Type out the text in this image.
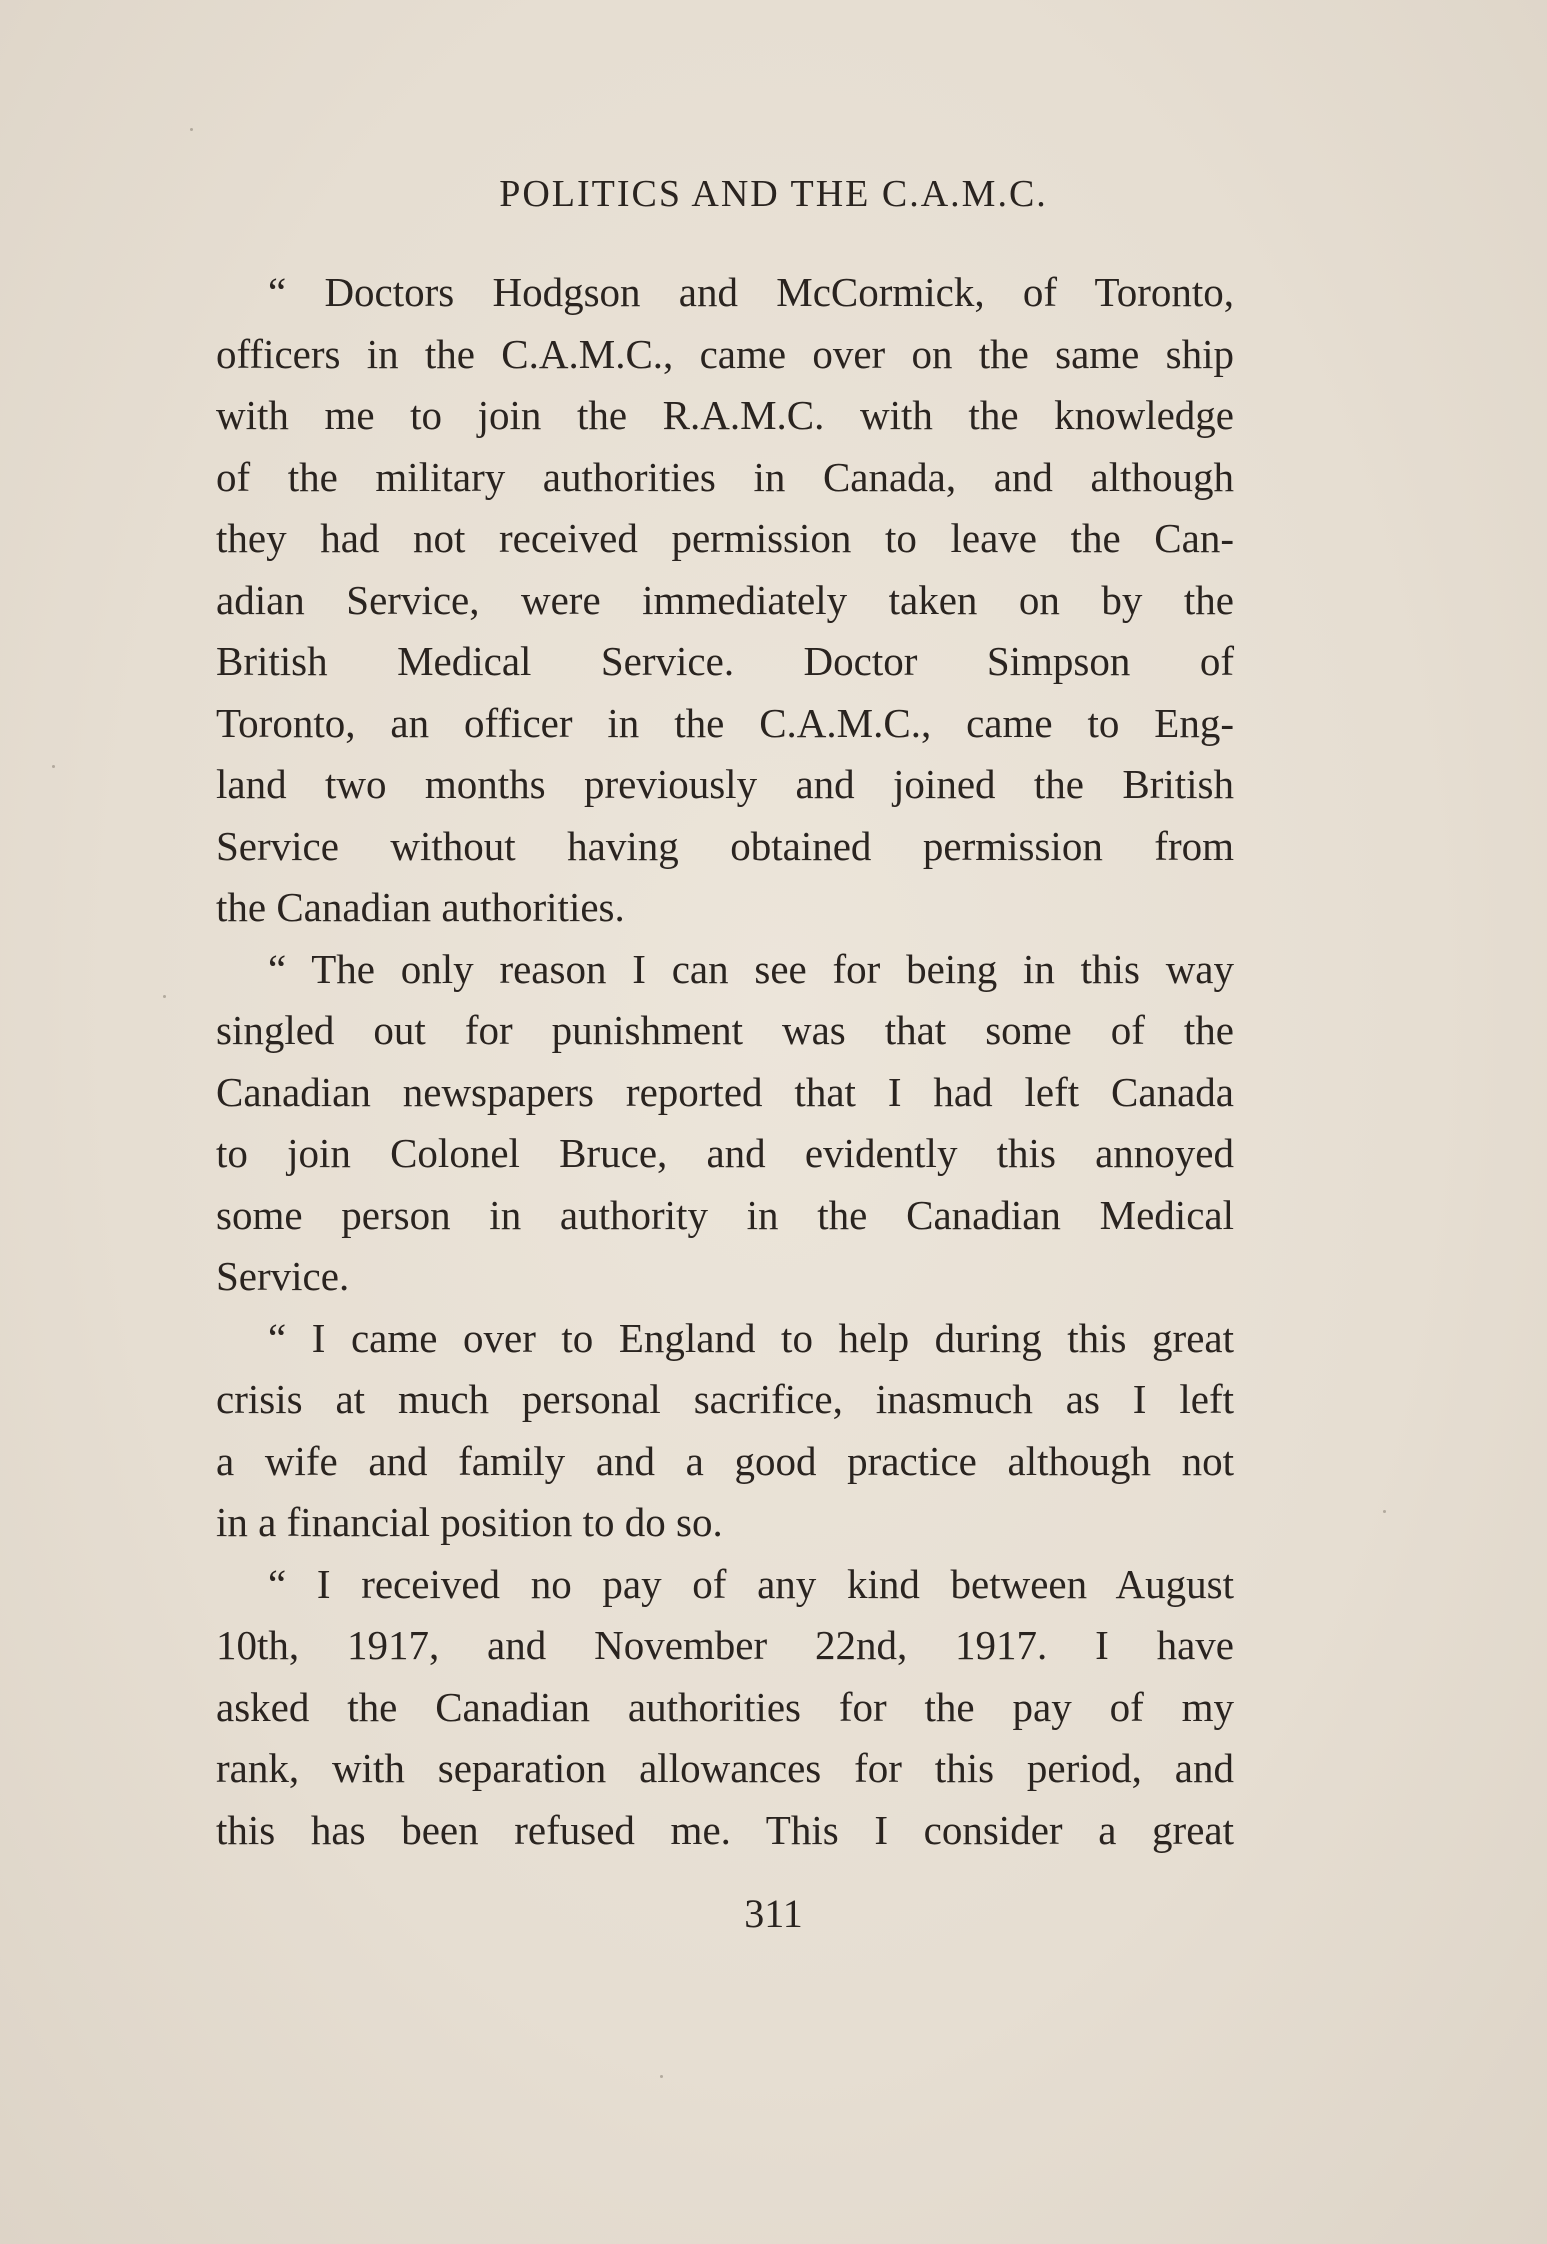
POLITICS AND THE C.A.M.C.

“ Doctors Hodgson and McCormick, of Toronto,
officers in the C.A.M.C., came over on the same ship
with me to join the R.A.M.C. with the knowledge
of the military authorities in Canada, and although
they had not received permission to leave the Can-
adian Service, were immediately taken on by the
British Medical Service. Doctor Simpson of
Toronto, an officer in the C.A.M.C., came to Eng-
land two months previously and joined the British
Service without having obtained permission from
the Canadian authorities.

“ The only reason I can see for being in this way
singled out for punishment was that some of the
Canadian newspapers reported that I had left Canada
to join Colonel Bruce, and evidently this annoyed
some person in authority in the Canadian Medical
Service.

“ I came over to England to help during this great
crisis at much personal sacrifice, inasmuch as I left
a wife and family and a good practice although not
in a financial position to do so.

“ I received no pay of any kind between August
10th, 1917, and November 22nd, 1917. I have
asked the Canadian authorities for the pay of my
rank, with separation allowances for this period, and
this has been refused me. This I consider a great

311
